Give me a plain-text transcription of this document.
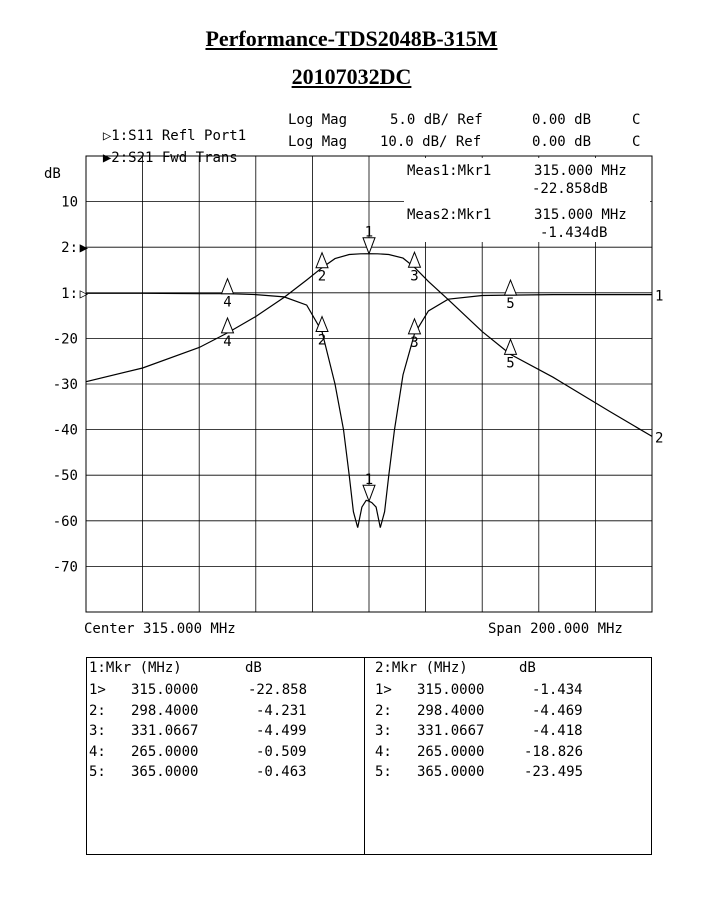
Performance-TDS2048B-315M
20107032DC

▷1:S11 Refl Port1

Log Mag	5.0 dB/ Ref	0.00 dB	C

▶2:S21 Fwd Trans

Log Mag 10.0 dB/ Ref	0.00 dB	C
10
2: ▶
1: ▷
-20
-30
-40
-50
-60
-70
dB
1
2	3
4	5
1
2	3
4
5
1
2
Meas1:Mkr1	315.000 MHz
-22.858dB
Meas2:Mkr1	315.000 MHz
-1.434dB
Center 315.000 MHz	Span 200.000 MHz

1:Mkr (MHz)

	dB

1> 315.0000	-22.858
2: 298.4000	-4.231
3: 331.0667	-4.499
4: 265.0000	-0.509
5: 365.0000	-0.463

2:Mkr (MHz)

	dB

1> 315.0000	-1.434
2: 298.4000	-4.469
3: 331.0667	-4.418
4: 265.0000	-18.826
5: 365.0000	-23.495
